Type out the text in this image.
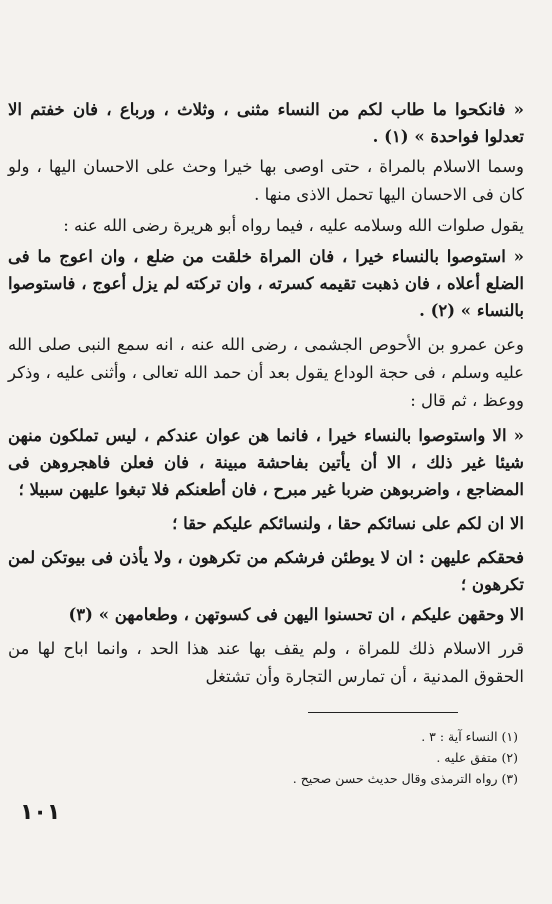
« فانكحوا ما طاب لكم من النساء مثنى ، وثلاث ، ورباع ، فان خفتم الا تعدلوا فواحدة » (١) .

وسما الاسلام بالمراة ، حتى اوصى بها خيرا وحث على الاحسان اليها ، ولو كان فى الاحسان اليها تحمل الاذى منها .

يقول صلوات الله وسلامه عليه ، فيما رواه أبو هريرة رضى الله عنه :

« استوصوا بالنساء خيرا ، فان المراة خلقت من ضلع ، وان اعوج ما فى الضلع أعلاه ، فان ذهبت تقيمه كسرته ، وان تركته لم يزل أعوج ، فاستوصوا بالنساء » (٢) .

وعن عمرو بن الأحوص الجشمى ، رضى الله عنه ، انه سمع النبى صلى الله عليه وسلم ، فى حجة الوداع يقول بعد أن حمد الله تعالى ، وأثنى عليه ، وذكر ووعظ ، ثم قال :

« الا واستوصوا بالنساء خيرا ، فانما هن عوان عندكم ، ليس تملكون منهن شيئا غير ذلك ، الا أن يأتين بفاحشة مبينة ، فان فعلن فاهجروهن فى المضاجع ، واضربوهن ضربا غير مبرح ، فان أطعنكم فلا تبغوا عليهن سبيلا ؛

الا ان لكم على نسائكم حقا ، ولنسائكم عليكم حقا ؛

فحقكم عليهن : ان لا يوطئن فرشكم من تكرهون ، ولا يأذن فى بيوتكن لمن تكرهون ؛

الا وحقهن عليكم ، ان تحسنوا اليهن فى كسوتهن ، وطعامهن » (٣)

قرر الاسلام ذلك للمراة ، ولم يقف بها عند هذا الحد ، وانما اباح لها من الحقوق المدنية ، أن تمارس التجارة وأن تشتغل

(١) النساء آية : ٣ .

(٢) متفق عليه .

(٣) رواه الترمذى وقال حديث حسن صحيح .

١٠١
